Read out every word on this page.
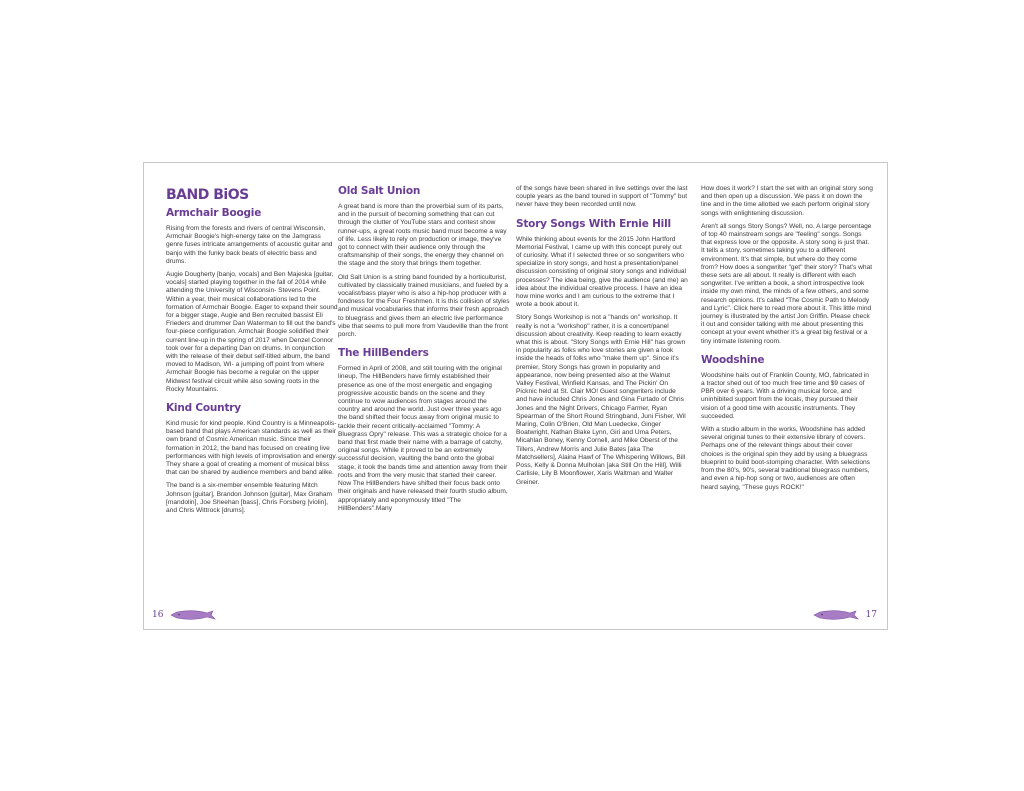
BAND BiOS
Armchair Boogie

Rising from the forests and rivers of central Wisconsin, Armchair Boogie's high-energy take on the Jamgrass genre fuses intricate arrangements of acoustic guitar and banjo with the funky back beats of electric bass and drums.

Augie Dougherty [banjo, vocals] and Ben Majeska [guitar, vocals] started playing together in the fall of 2014 while attending the University of Wisconsin- Stevens Point. Within a year, their musical collaborations led to the formation of Armchair Boogie. Eager to expand their sound for a bigger stage, Augie and Ben recruited bassist Eli Frieders and drummer Dan Waterman to fill out the band's four-piece configuration. Armchair Boogie solidified their current line-up in the spring of 2017 when Denzel Connor took over for a departing Dan on drums. In conjunction with the release of their debut self-titled album, the band moved to Madison, WI- a jumping off point from where Armchair Boogie has become a regular on the upper Midwest festival circuit while also sowing roots in the Rocky Mountains.

Kind Country

Kind music for kind people. Kind Country is a Minneapolis-based band that plays American standards as well as their own brand of Cosmic American music. Since their formation in 2012, the band has focused on creating live performances with high levels of improvisation and energy. They share a goal of creating a moment of musical bliss that can be shared by audience members and band alike.

The band is a six-member ensemble featuring Mitch Johnson [guitar], Brandon Johnson [guitar], Max Graham [mandolin], Joe Sheehan [bass], Chris Forsberg [violin], and Chris Wittrock [drums].

Old Salt Union

A great band is more than the proverbial sum of its parts, and in the pursuit of becoming something that can cut through the clutter of YouTube stars and contest show runner-ups, a great roots music band must become a way of life. Less likely to rely on production or image, they've got to connect with their audience only through the craftsmanship of their songs, the energy they channel on the stage and the story that brings them together.

Old Salt Union is a string band founded by a horticulturist, cultivated by classically trained musicians, and fueled by a vocalist/bass player who is also a hip-hop producer with a fondness for the Four Freshmen. It is this collision of styles and musical vocabularies that informs their fresh approach to bluegrass and gives them an electric live performance vibe that seems to pull more from Vaudeville than the front porch.

The HillBenders

Formed in April of 2008, and still touring with the original lineup, The HillBenders have firmly established their presence as one of the most energetic and engaging progressive acoustic bands on the scene and they continue to wow audiences from stages around the country and around the world. Just over three years ago the band shifted their focus away from original music to tackle their recent critically-acclaimed "Tommy: A Bluegrass Opry" release. This was a strategic choice for a band that first made their name with a barrage of catchy, original songs. While it proved to be an extremely successful decision, vaulting the band onto the global stage, it took the bands time and attention away from their roots and from the very music that started their career. Now The HillBenders have shifted their focus back onto their originals and have released their fourth studio album, appropriately and eponymously titled "The HillBenders".Many

of the songs have been shared in live settings over the last couple years as the band toured in support of "Tommy" but never have they been recorded until now.

Story Songs With Ernie Hill

While thinking about events for the 2015 John Hartford Memorial Festival, I came up with this concept purely out of curiosity. What if I selected three or so songwriters who specialize in story songs, and host a presentation/panel discussion consisting of original story songs and individual processes? The idea being, give the audience (and me) an idea about the individual creative process. I have an idea how mine works and I am curious to the extreme that I wrote a book about it.

Story Songs Workshop is not a "hands on" workshop. It really is not a "workshop" rather, it is a concert/panel discussion about creativity. Keep reading to learn exactly what this is about. "Story Songs with Ernie Hill" has grown in popularity as folks who love stories are given a look inside the heads of folks who "make them up". Since it's premier, Story Songs has grown in popularity and appearance, now being presented also at the Walnut Valley Festival, Winfield Kansas, and The Pickin' On Picknic held at St. Clair MO! Guest songwriters include and have included Chris Jones and Gina Furtado of Chris Jones and the Night Drivers, Chicago Farmer, Ryan Spearman of the Short Round Stringband, Juni Fisher, Wil Maring, Colin O'Brien, Old Man Luedecke, Ginger Boatwright, Nathan Blake Lynn, Giri and Uma Peters, Micahlan Boney, Kenny Cornell, and Mike Oberst of the Tillers, Andrew Morris and Julie Bates [aka The Matchsellers], Alaina Hawf of The Whispering Willows, Bill Poss, Kelly & Donna Mulholan [aka Still On the Hill], Willi Carlisle, Lily B Moonflower, Xaris Waltman and Walter Greiner.

How does it work? I start the set with an original story song and then open up a discussion. We pass it on down the line and in the time allotted we each perform original story songs with enlightening discussion.

Aren't all songs Story Songs? Well, no. A large percentage of top 40 mainstream songs are "feeling" songs. Songs that express love or the opposite. A story song is just that. It tells a story, sometimes taking you to a different environment. It's that simple, but where do they come from? How does a songwriter "get" their story? That's what these sets are all about. It really is different with each songwriter. I've written a book, a short introspective look inside my own mind, the minds of a few others, and some research opinions. It's called "The Cosmic Path to Melody and Lyric". Click here to read more about it. This little mind journey is illustrated by the artist Jon Griffin. Please check it out and consider talking with me about presenting this concept at your event whether it's a great big festival or a tiny intimate listening room.

Woodshine

Woodshine hails out of Franklin County, MO, fabricated in a tractor shed out of too much free time and $9 cases of PBR over 6 years. With a driving musical force, and uninhibited support from the locals, they pursued their vision of a good time with acoustic instruments. They succeeded.

With a studio album in the works, Woodshine has added several original tunes to their extensive library of covers. Perhaps one of the relevant things about their cover choices is the original spin they add by using a bluegrass blueprint to build boot-stomping character. With selections from the 80's, 90's, several traditional bluegrass numbers, and even a hip-hop song or two, audiences are often heard saying, "These guys ROCK!"

16	17
